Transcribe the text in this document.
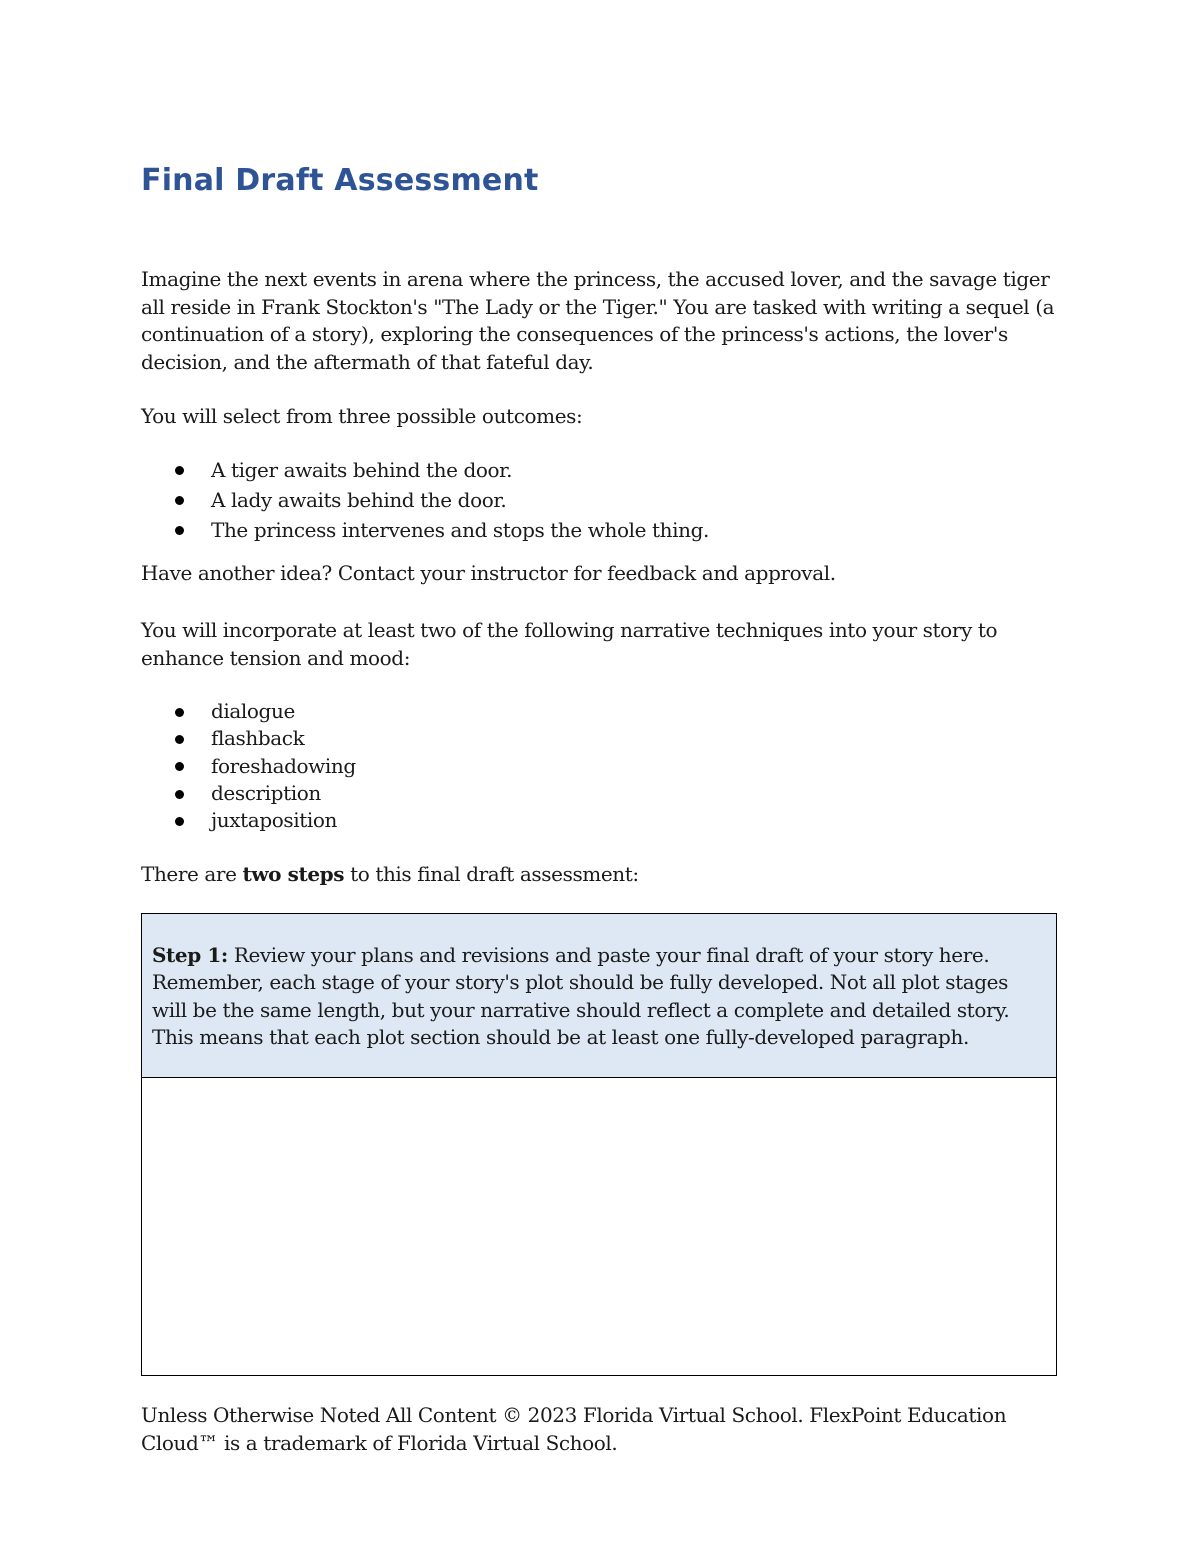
Final Draft Assessment

Imagine the next events in arena where the princess, the accused lover, and the savage tiger all reside in Frank Stockton's "The Lady or the Tiger." You are tasked with writing a sequel (a continuation of a story), exploring the consequences of the princess's actions, the lover's decision, and the aftermath of that fateful day.

You will select from three possible outcomes:

A tiger awaits behind the door.
A lady awaits behind the door.
The princess intervenes and stops the whole thing.

Have another idea? Contact your instructor for feedback and approval.

You will incorporate at least two of the following narrative techniques into your story to enhance tension and mood:

dialogue
flashback
foreshadowing
description
juxtaposition

There are two steps to this final draft assessment:

Step 1: Review your plans and revisions and paste your final draft of your story here. Remember, each stage of your story's plot should be fully developed. Not all plot stages will be the same length, but your narrative should reflect a complete and detailed story. This means that each plot section should be at least one fully-developed paragraph.

Unless Otherwise Noted All Content © 2023 Florida Virtual School. FlexPoint Education Cloud™ is a trademark of Florida Virtual School.
